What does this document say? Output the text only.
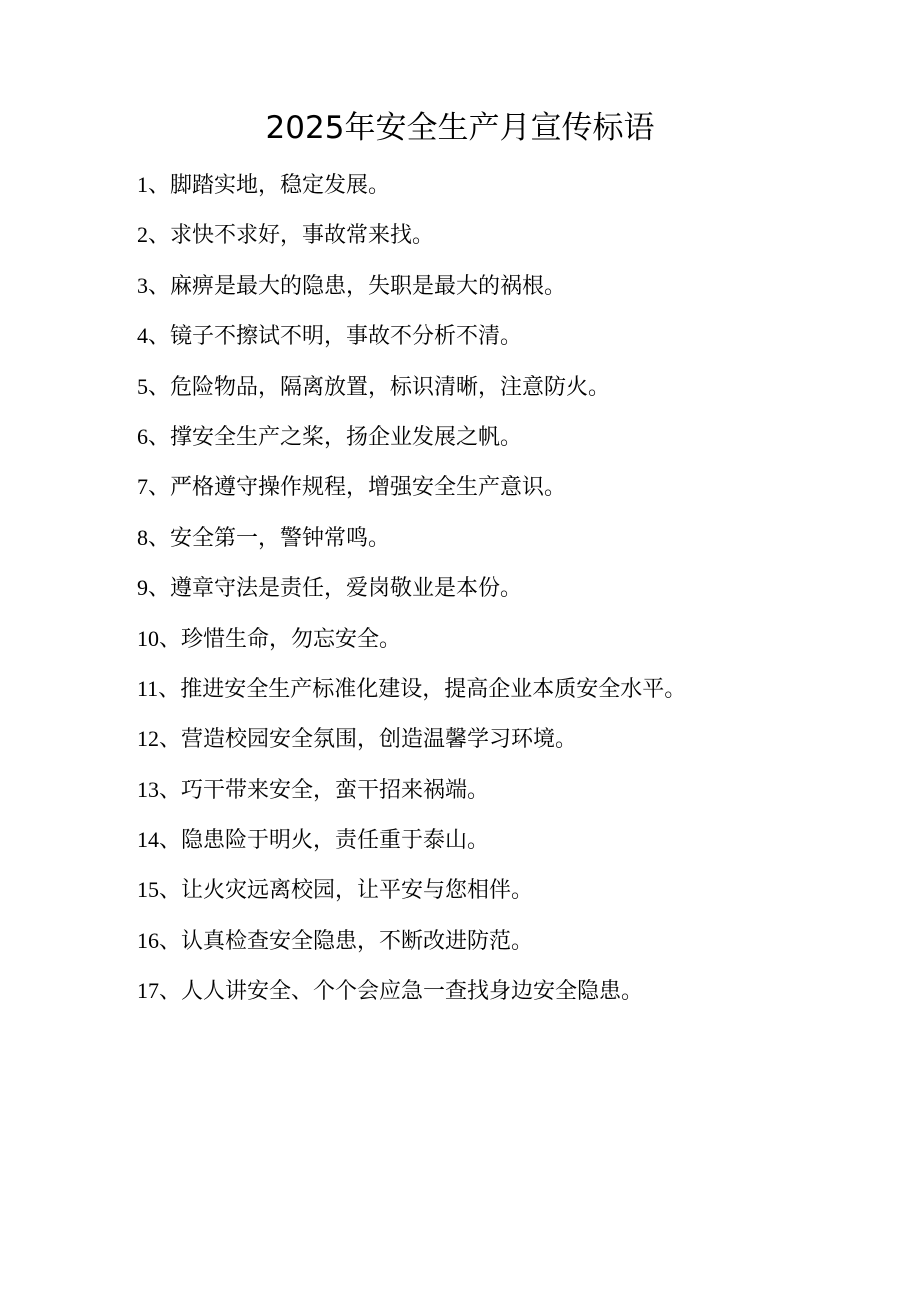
2025年安全生产月宣传标语
1、脚踏实地，稳定发展。
2、求快不求好，事故常来找。
3、麻痹是最大的隐患，失职是最大的祸根。
4、镜子不擦试不明，事故不分析不清。
5、危险物品，隔离放置，标识清晰，注意防火。
6、撑安全生产之桨，扬企业发展之帆。
7、严格遵守操作规程，增强安全生产意识。
8、安全第一，警钟常鸣。
9、遵章守法是责任，爱岗敬业是本份。
10、珍惜生命，勿忘安全。
11、推进安全生产标准化建设，提高企业本质安全水平。
12、营造校园安全氛围，创造温馨学习环境。
13、巧干带来安全，蛮干招来祸端。
14、隐患险于明火，责任重于泰山。
15、让火灾远离校园，让平安与您相伴。
16、认真检查安全隐患，不断改进防范。
17、人人讲安全、个个会应急一查找身边安全隐患。
